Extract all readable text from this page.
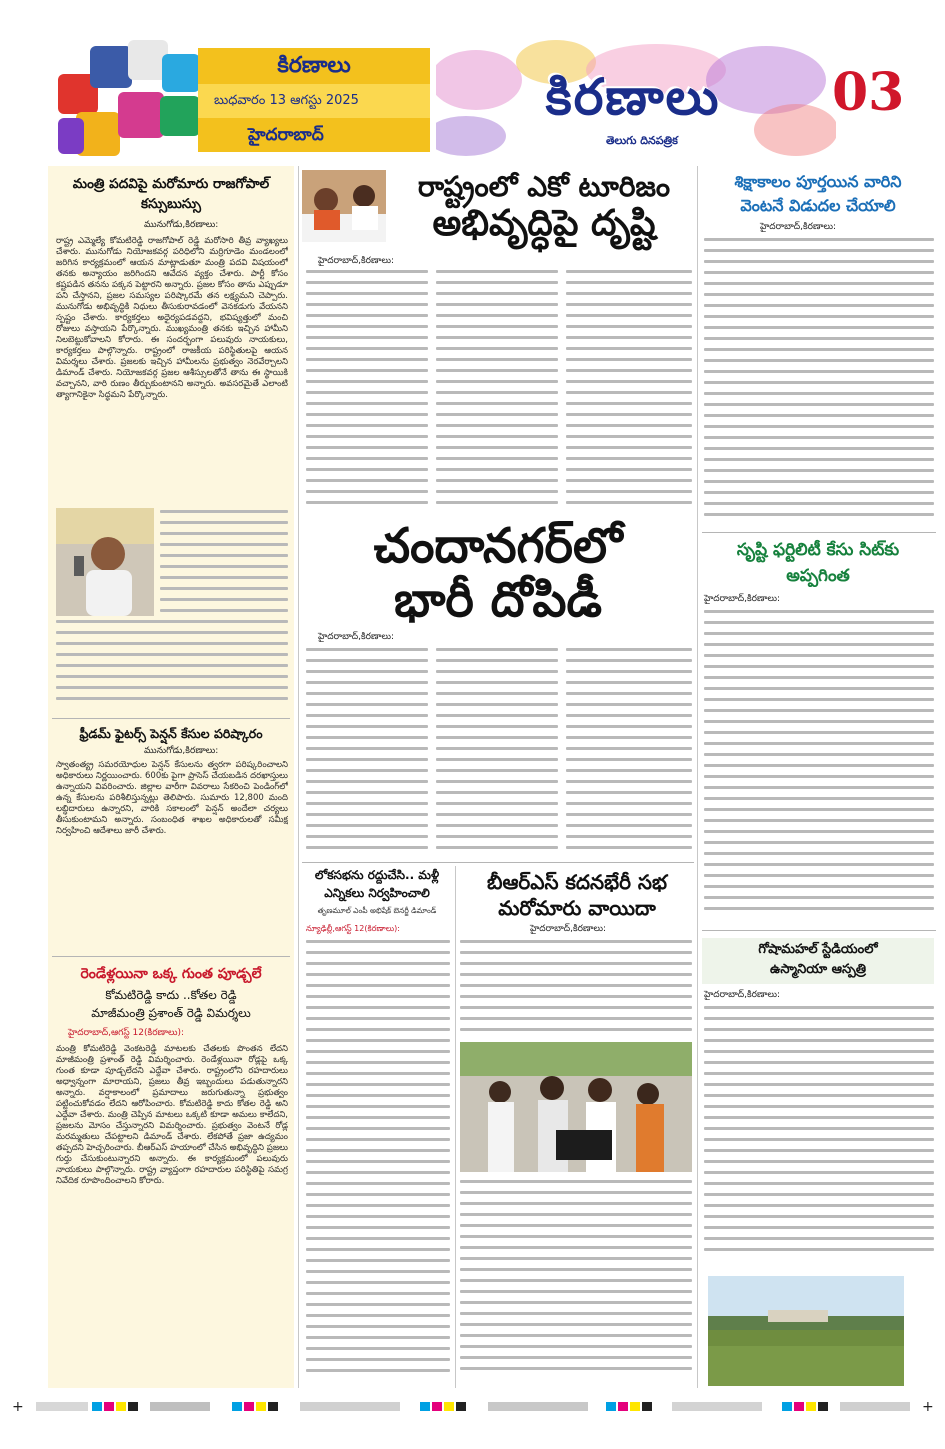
కిరణాలు
బుధవారం 13 ఆగస్టు 2025
హైదరాబాద్
కిరణాలు
తెలుగు దినపత్రిక
03
మంత్రి పదవిపై మరోమారు రాజగోపాల్
కస్సుబుస్సు
మునుగోడు,కిరణాలు:
రాష్ట్ర ఎమ్మెల్యే కోమటిరెడ్డి రాజగోపాల్ రెడ్డి మరోసారి తీవ్ర వ్యాఖ్యలు చేశారు. మునుగోడు నియోజకవర్గ పరిధిలోని మర్రిగూడెం మండలంలో జరిగిన కార్యక్రమంలో ఆయన మాట్లాడుతూ మంత్రి పదవి విషయంలో తనకు అన్యాయం జరిగిందని ఆవేదన వ్యక్తం చేశారు. పార్టీ కోసం కష్టపడిన తనను పక్కన పెట్టారని అన్నారు. ప్రజల కోసం తాను ఎప్పుడూ పని చేస్తానని, ప్రజల సమస్యల పరిష్కారమే తన లక్ష్యమని చెప్పారు. మునుగోడు అభివృద్ధికి నిధులు తీసుకురావడంలో వెనకడుగు వేయనని స్పష్టం చేశారు. కార్యకర్తలు అధైర్యపడవద్దని, భవిష్యత్తులో మంచి రోజులు వస్తాయని పేర్కొన్నారు. ముఖ్యమంత్రి తనకు ఇచ్చిన హామీని నిలబెట్టుకోవాలని కోరారు. ఈ సందర్భంగా పలువురు నాయకులు, కార్యకర్తలు పాల్గొన్నారు. రాష్ట్రంలో రాజకీయ పరిస్థితులపై ఆయన విమర్శలు చేశారు. ప్రజలకు ఇచ్చిన హామీలను ప్రభుత్వం నెరవేర్చాలని డిమాండ్ చేశారు. నియోజకవర్గ ప్రజల ఆశీస్సులతోనే తాను ఈ స్థాయికి వచ్చానని, వారి రుణం తీర్చుకుంటానని అన్నారు. అవసరమైతే ఎలాంటి త్యాగానికైనా సిద్ధమని పేర్కొన్నారు.
ఫ్రీడమ్ ఫైటర్స్ పెన్షన్ కేసుల పరిష్కారం
మునుగోడు,కిరణాలు:
స్వాతంత్య్ర సమరయోధుల పెన్షన్ కేసులను త్వరగా పరిష్కరించాలని అధికారులు నిర్ణయించారు. 600కు పైగా ప్రాసెస్ చేయబడిన దరఖాస్తులు ఉన్నాయని వివరించారు. జిల్లాల వారీగా వివరాలు సేకరించి పెండింగ్‌లో ఉన్న కేసులను పరిశీలిస్తున్నట్లు తెలిపారు. సుమారు 12,800 మంది లబ్ధిదారులు ఉన్నారని, వారికి సకాలంలో పెన్షన్ అందేలా చర్యలు తీసుకుంటామని అన్నారు. సంబంధిత శాఖల అధికారులతో సమీక్ష నిర్వహించి ఆదేశాలు జారీ చేశారు.
రెండేళ్లయినా ఒక్క గుంత పూడ్చలే
కోమటిరెడ్డి కాదు ..కోతల రెడ్డి
మాజీమంత్రి ప్రశాంత్ రెడ్డి విమర్శలు
హైదరాబాద్,ఆగస్ట్ 12(కిరణాలు):
మంత్రి కోమటిరెడ్డి వెంకటరెడ్డి మాటలకు చేతలకు పొంతన లేదని మాజీమంత్రి ప్రశాంత్ రెడ్డి విమర్శించారు. రెండేళ్లయినా రోడ్లపై ఒక్క గుంత కూడా పూడ్చలేదని ఎద్దేవా చేశారు. రాష్ట్రంలోని రహదారులు అధ్వాన్నంగా మారాయని, ప్రజలు తీవ్ర ఇబ్బందులు పడుతున్నారని అన్నారు. వర్షాకాలంలో ప్రమాదాలు జరుగుతున్నా ప్రభుత్వం పట్టించుకోవడం లేదని ఆరోపించారు. కోమటిరెడ్డి కాదు కోతల రెడ్డి అని ఎద్దేవా చేశారు. మంత్రి చెప్పిన మాటలు ఒక్కటి కూడా అమలు కాలేదని, ప్రజలను మోసం చేస్తున్నారని విమర్శించారు. ప్రభుత్వం వెంటనే రోడ్ల మరమ్మతులు చేపట్టాలని డిమాండ్ చేశారు. లేకపోతే ప్రజా ఉద్యమం తప్పదని హెచ్చరించారు. బీఆర్ఎస్ హయాంలో చేసిన అభివృద్ధిని ప్రజలు గుర్తు చేసుకుంటున్నారని అన్నారు. ఈ కార్యక్రమంలో పలువురు నాయకులు పాల్గొన్నారు. రాష్ట్ర వ్యాప్తంగా రహదారుల పరిస్థితిపై సమగ్ర నివేదిక రూపొందించాలని కోరారు.
రాష్ట్రంలో ఎకో టూరిజం
అభివృద్ధిపై దృష్టి
హైదరాబాద్,కిరణాలు:
చందానగర్‌లో
భారీ దోపిడీ
హైదరాబాద్,కిరణాలు:
లోకసభను రద్దుచేసి.. మళ్లీ
ఎన్నికలు నిర్వహించాలి
తృణమూల్ ఎంపీ అభిషేక్ బెనర్జీ డిమాండ్
న్యూఢిల్లీ,ఆగస్ట్ 12(కిరణాలు):
బీఆర్ఎస్ కదనభేరీ సభ
మరోమారు వాయిదా
హైదరాబాద్,కిరణాలు:
శిక్షాకాలం పూర్తయిన వారిని
వెంటనే విడుదల చేయాలి
హైదరాబాద్,కిరణాలు:
సృష్టి ఫర్టిలిటీ కేసు సిట్‌కు
అప్పగింత
హైదరాబాద్,కిరణాలు:
గోషామహల్ స్టేడియంలో
ఉస్మానియా ఆస్పత్రి
హైదరాబాద్,కిరణాలు:
+	+
